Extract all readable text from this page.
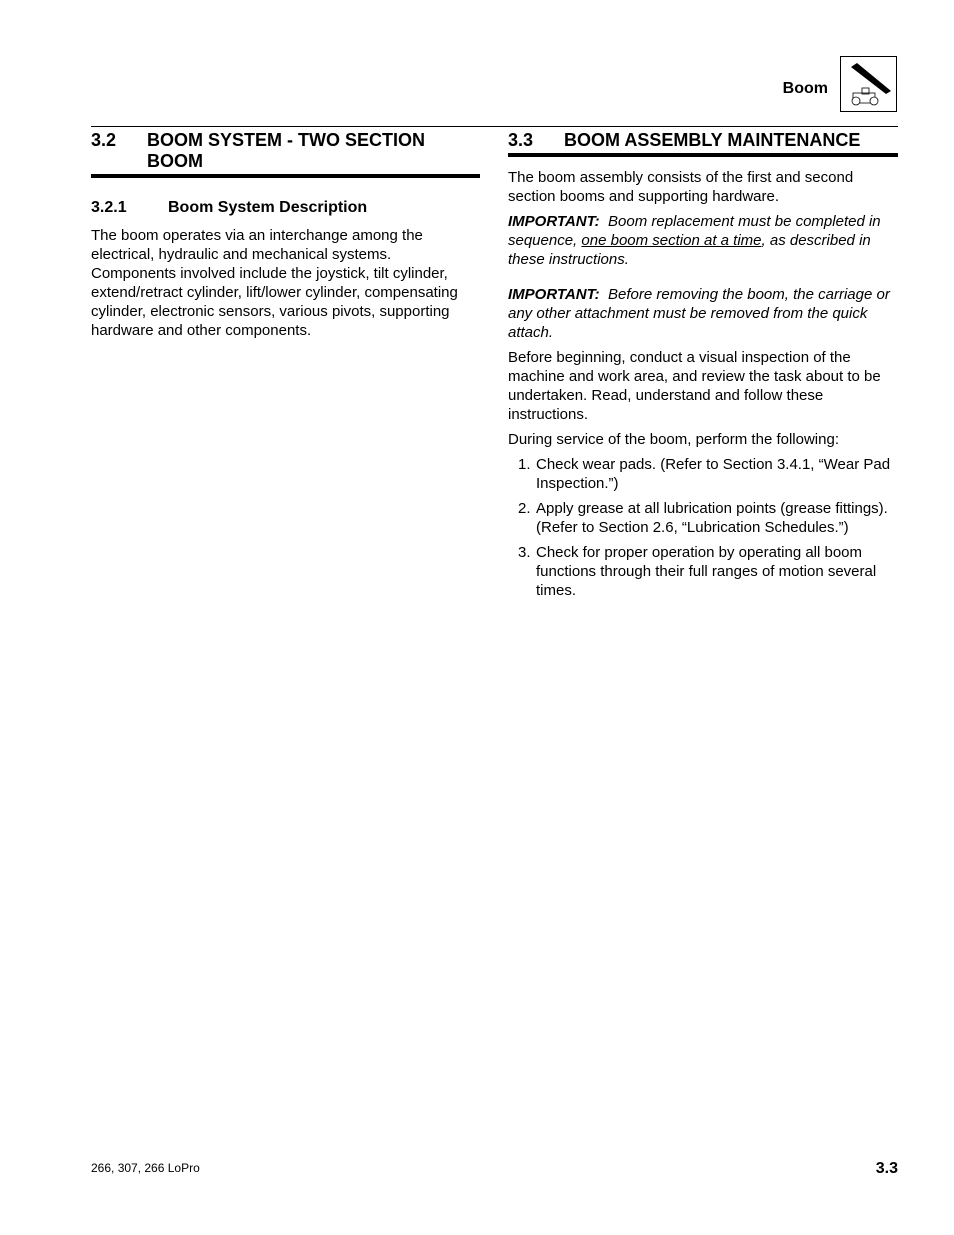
Boom
3.2	BOOM SYSTEM - TWO SECTION BOOM
3.2.1	Boom System Description

The boom operates via an interchange among the electrical, hydraulic and mechanical systems. Components involved include the joystick, tilt cylinder, extend/retract cylinder, lift/lower cylinder, compensating cylinder, electronic sensors, various pivots, supporting hardware and other components.

3.3	BOOM ASSEMBLY MAINTENANCE

The boom assembly consists of the first and second section booms and supporting hardware.

IMPORTANT: Boom replacement must be completed in sequence, one boom section at a time, as described in these instructions.

IMPORTANT: Before removing the boom, the carriage or any other attachment must be removed from the quick attach.

Before beginning, conduct a visual inspection of the machine and work area, and review the task about to be undertaken. Read, understand and follow these instructions.

During service of the boom, perform the following:

1. Check wear pads. (Refer to Section 3.4.1, “Wear Pad Inspection.”)
2. Apply grease at all lubrication points (grease fittings). (Refer to Section 2.6, “Lubrication Schedules.”)
3. Check for proper operation by operating all boom functions through their full ranges of motion several times.
266, 307, 266 LoPro	3.3
